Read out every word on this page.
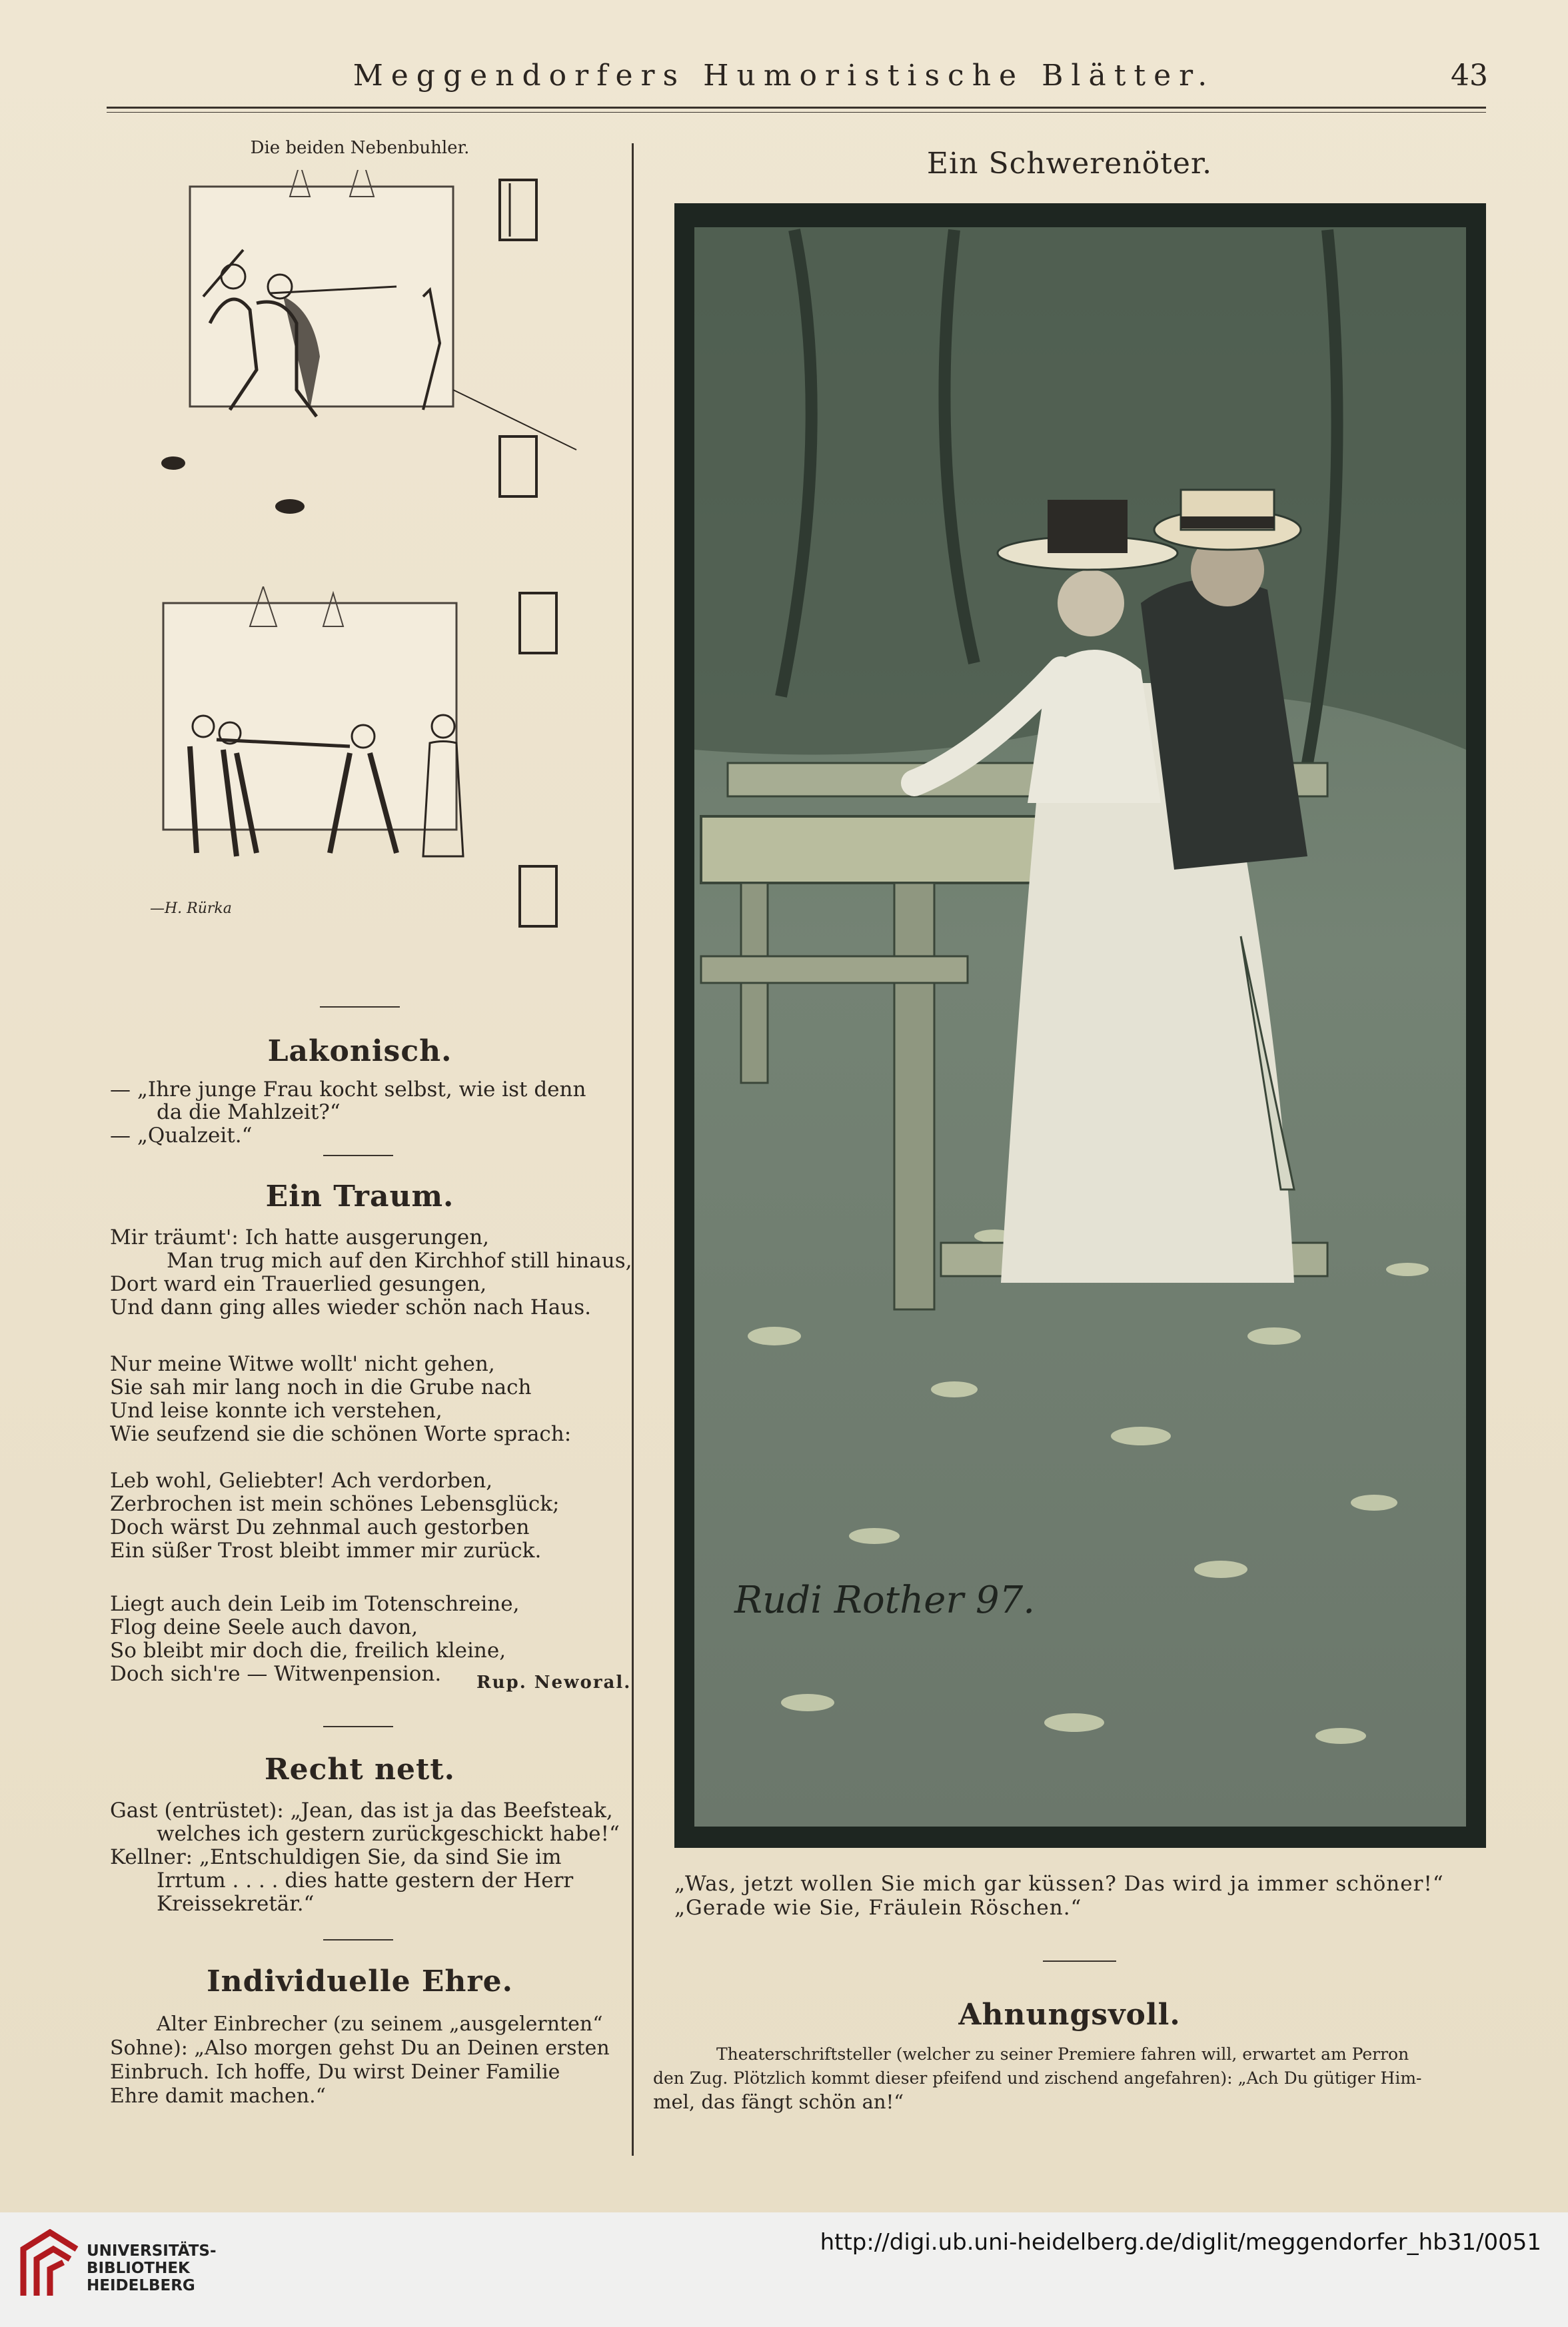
Meggendorfers Humoristische Blätter.	43
Die beiden Nebenbuhler.
—H. Rürka
Lakonisch.
— „Ihre junge Frau kocht selbst, wie ist denn
da die Mahlzeit?“
— „Qualzeit.“
Ein Traum.
Mir träumt': Ich hatte ausgerungen,
Man trug mich auf den Kirchhof still hinaus,
Dort ward ein Trauerlied gesungen,
Und dann ging alles wieder schön nach Haus.
Nur meine Witwe wollt' nicht gehen,
Sie sah mir lang noch in die Grube nach
Und leise konnte ich verstehen,
Wie seufzend sie die schönen Worte sprach:
Leb wohl, Geliebter! Ach verdorben,
Zerbrochen ist mein schönes Lebensglück;
Doch wärst Du zehnmal auch gestorben
Ein süßer Trost bleibt immer mir zurück.
Liegt auch dein Leib im Totenschreine,
Flog deine Seele auch davon,
So bleibt mir doch die, freilich kleine,
Doch sich're — Witwenpension.	Rup. Neworal.
Recht nett.
Gast (entrüstet): „Jean, das ist ja das Beefsteak,
welches ich gestern zurückgeschickt habe!“
Kellner: „Entschuldigen Sie, da sind Sie im
Irrtum . . . . dies hatte gestern der Herr
Kreissekretär.“
Individuelle Ehre.
Alter Einbrecher (zu seinem „ausgelernten“
Sohne): „Also morgen gehst Du an Deinen ersten
Einbruch. Ich hoffe, Du wirst Deiner Familie
Ehre damit machen.“
Ein Schwerenöter.
Rudi Rother 97.
„Was, jetzt wollen Sie mich gar küssen? Das wird ja immer schöner!“
„Gerade wie Sie, Fräulein Röschen.“
Ahnungsvoll.
Theaterschriftsteller (welcher zu seiner Premiere fahren will, erwartet am Perron
den Zug. Plötzlich kommt dieser pfeifend und zischend angefahren): „Ach Du gütiger Him-
mel, das fängt schön an!“
UNIVERSITÄTS-
BIBLIOTHEK
HEIDELBERG
http://digi.ub.uni-heidelberg.de/diglit/meggendorfer_hb31/0051
